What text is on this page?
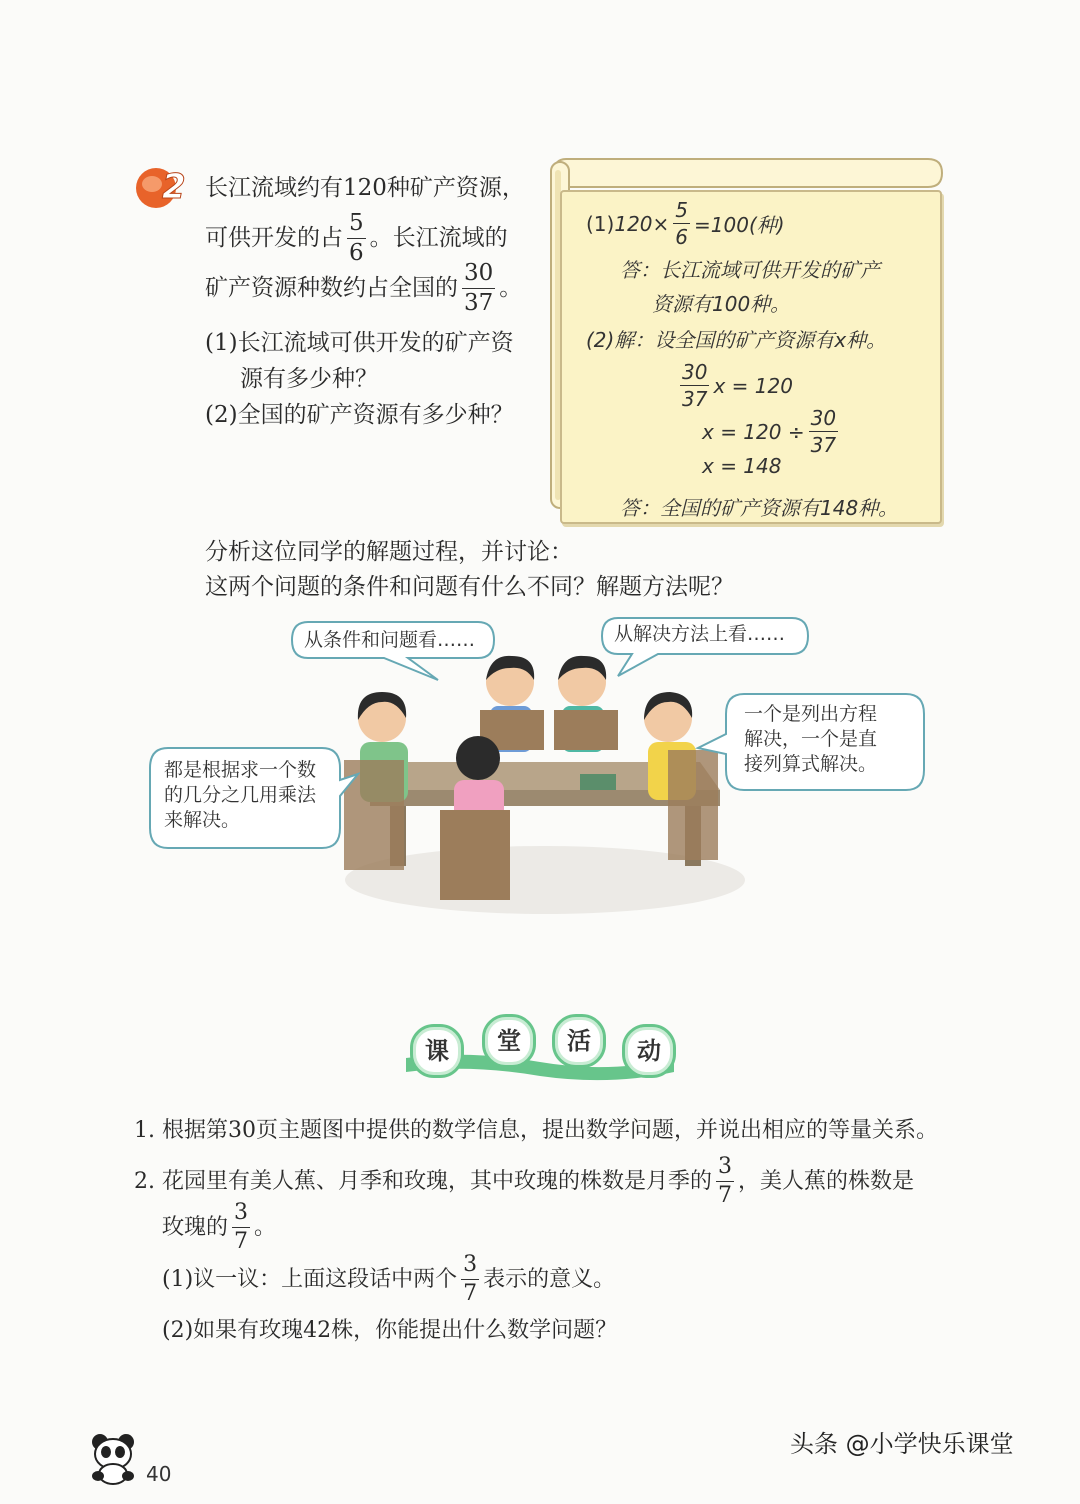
2 长江流域约有120种矿产资源，
可供开发的占 $\frac{5}{6}$ 。长江流域的
矿产资源种数约占全国的 $\frac{30}{37}$ 。
(1)长江流域可供开发的矿产资
源有多少种？
(2)全国的矿产资源有多少种？
(1) $120\times \frac{5}{6} =100$(种)
答：长江流域可供开发的矿产
资源有100种。
(2)解：设全国的矿产资源有x种。
$\frac{30}{37}$ x = 120
$x = 120 \div \frac{30}{37}$
x = 148
答：全国的矿产资源有148种。
分析这位同学的解题过程，并讨论：
这两个问题的条件和问题有什么不同？解题方法呢？
从条件和问题看……	从解决方法上看……
一个是列出方程
解决，一个是直
接列算式解决。
都是根据求一个数
的几分之几用乘法
来解决。
课	堂	活	动
1. 根据第30页主题图中提供的数学信息，提出数学问题，并说出相应的等量关系。
2. 花园里有美人蕉、月季和玫瑰，其中玫瑰的株数是月季的 $\frac{3}{7}$ ，美人蕉的株数是
玫瑰的 $\frac{3}{7}$ 。
(1)议一议：上面这段话中两个 $\frac{3}{7}$ 表示的意义。
(2)如果有玫瑰42株，你能提出什么数学问题？
40
头条 @小学快乐课堂
